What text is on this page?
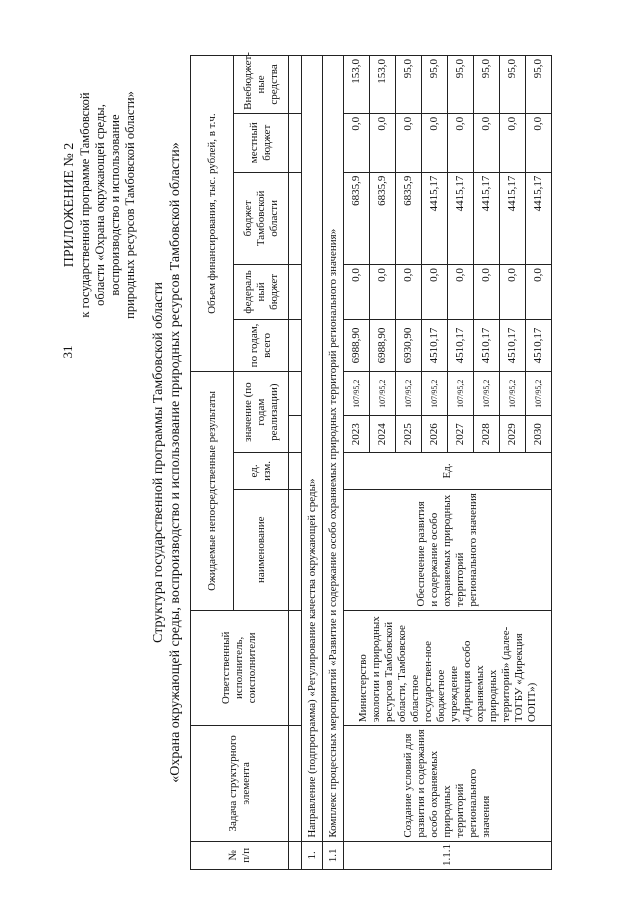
31
ПРИЛОЖЕНИЕ № 2 к государственной программе Тамбовской области «Охрана окружающей среды, воспроизводство и использование природных ресурсов Тамбовской области»
Структура государственной программы Тамбовской области «Охрана окружающей среды, воспроизводство и использование природных ресурсов Тамбовской области»
№ п/п	Задача структурного элемента	Ответственный исполнитель, соисполнители	Ожидаемые непосредственные результаты				Объем финансирования, тыс. рублей, в т.ч.				
			наименование	ед. изм.	значение (по годам реализации)		по годам, всего	федераль ный бюджет	бюджет Тамбовской области	местный бюджет	Внебюджет-ные средства

1.	Направление (подпрограмма) «Регулирование качества окружающей среды»										
1.1	Комплекс процессных мероприятий «Развитие и содержание особо охраняемых природных территорий регионального значения»										
1.1.1	Создание условий для развития и содержания особо охраняемых природных территорий регионального значения	Министерство экологии и природных ресурсов Тамбовской области, Тамбовское областное государствен-ное бюджетное учреждение «Дирекция особо охраняемых природных территорий» (далее- ТОГБУ «Дирекция ООПТ»)	Обеспечение развития и содержание особо охраняемых природных территорий регионального значения	Ед.	2023	107/95,2	6988,90	0,0	6835,9	0,0	153,0
					2024	107/95,2	6988,90	0,0	6835,9	0,0	153,0
					2025	107/95,2	6930,90	0,0	6835,9	0,0	95,0
					2026	107/95,2	4510,17	0,0	4415,17	0,0	95,0
					2027	107/95,2	4510,17	0,0	4415,17	0,0	95,0
					2028	107/95,2	4510,17	0,0	4415,17	0,0	95,0
					2029	107/95,2	4510,17	0,0	4415,17	0,0	95,0
					2030	107/95,2	4510,17	0,0	4415,17	0,0	95,0
